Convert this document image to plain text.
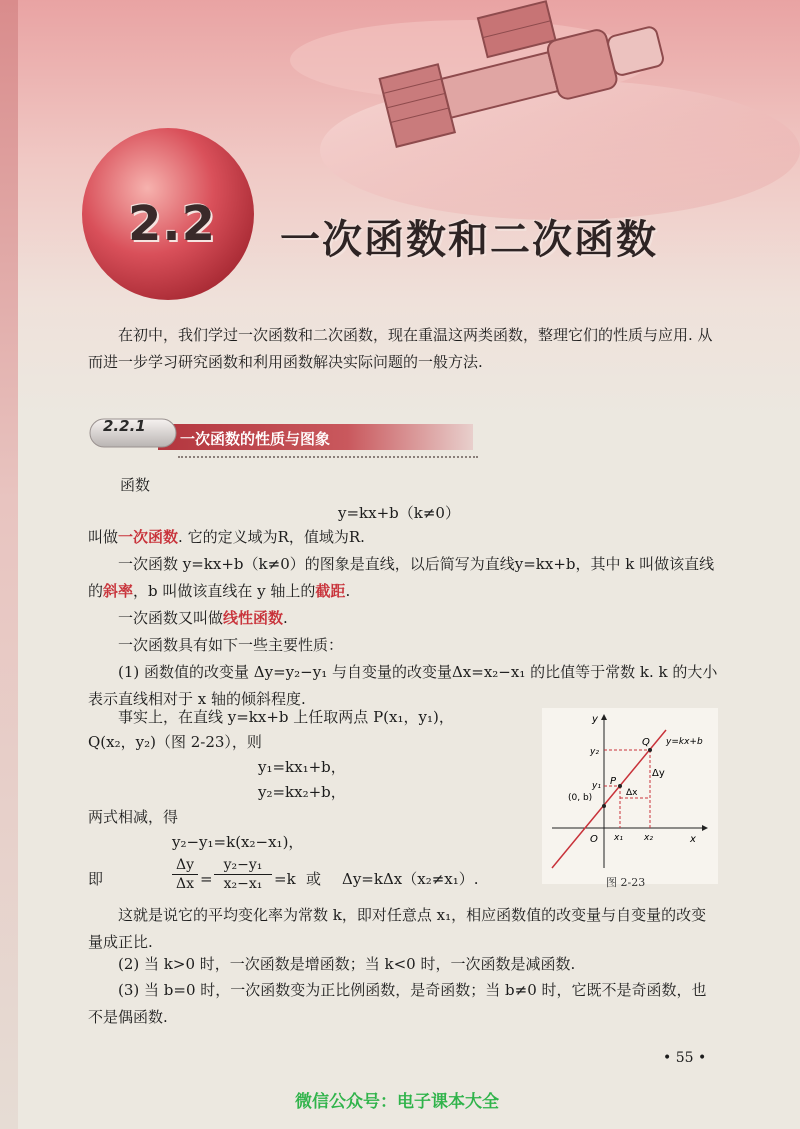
2.2 一次函数和二次函数
在初中，我们学过一次函数和二次函数，现在重温这两类函数，整理它们的性质与应用. 从而进一步学习研究函数和利用函数解决实际问题的一般方法.
2.2.1
一次函数的性质与图象
函数
y=kx+b（k≠0）
叫做一次函数. 它的定义域为R，值域为R.
一次函数 y=kx+b（k≠0）的图象是直线，以后简写为直线y=kx+b，其中 k 叫做该直线的斜率，b 叫做该直线在 y 轴上的截距.
一次函数又叫做线性函数.
一次函数具有如下一些主要性质：
(1) 函数值的改变量 Δy=y₂−y₁ 与自变量的改变量Δx=x₂−x₁ 的比值等于常数 k. k 的大小表示直线相对于 x 轴的倾斜程度.
事实上，在直线 y=kx+b 上任取两点 P(x₁，y₁)，
Q(x₂，y₂)（图 2-23），则
y₁=kx₁+b，
y₂=kx₂+b，
两式相减，得
y₂−y₁=k(x₂−x₁)，
即
Δy
Δx =
y₂−y₁
x₂−x₁ =k 或 Δy=kΔx（x₂≠x₁）.
y
x
O
y=kx+b
Q
P
y₂
y₁
(0, b)
Δy
Δx
x₁ x₂
图 2-23
这就是说它的平均变化率为常数 k，即对任意点 x₁，相应函数值的改变量与自变量的改变量成正比.
(2) 当 k>0 时，一次函数是增函数；当 k<0 时，一次函数是减函数.
(3) 当 b=0 时，一次函数变为正比例函数，是奇函数；当 b≠0 时，它既不是奇函数，也不是偶函数.
• 55 •
微信公众号：电子课本大全
